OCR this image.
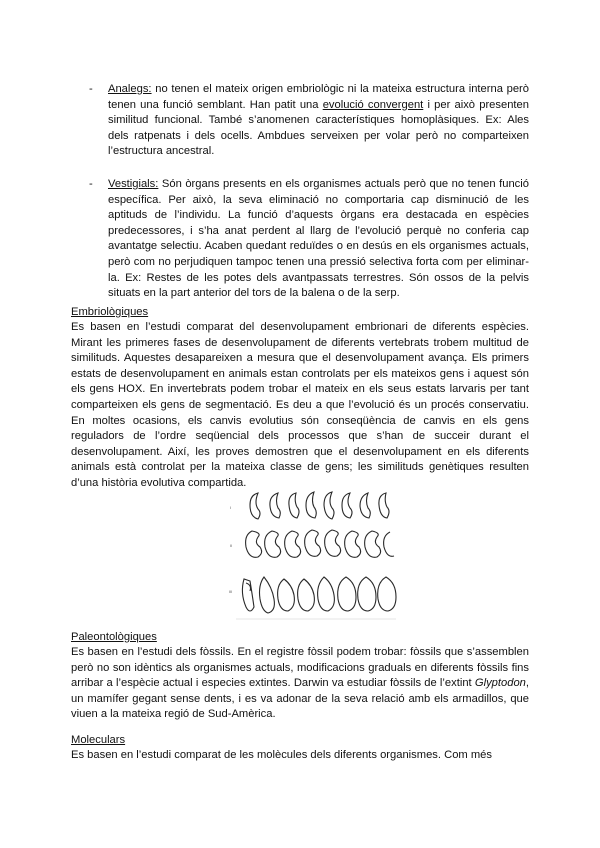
- Analegs: no tenen el mateix origen embriològic ni la mateixa estructura interna però tenen una funció semblant. Han patit una evolució convergent i per això presenten similitud funcional. També s’anomenen característiques homoplàsiques. Ex: Ales dels ratpenats i dels ocells. Ambdues serveixen per volar però no comparteixen l’estructura ancestral.
- Vestigials: Són òrgans presents en els organismes actuals però que no tenen funció específica. Per això, la seva eliminació no comportaria cap disminució de les aptituds de l’individu. La funció d’aquests òrgans era destacada en espècies predecessores, i s’ha anat perdent al llarg de l’evolució perquè no conferia cap avantatge selectiu. Acaben quedant reduïdes o en desús en els organismes actuals, però com no perjudiquen tampoc tenen una pressió selectiva forta com per eliminar-la. Ex: Restes de les potes dels avantpassats terrestres. Són ossos de la pelvis situats en la part anterior del tors de la balena o de la serp.
Embriològiques
Es basen en l’estudi comparat del desenvolupament embrionari de diferents espècies. Mirant les primeres fases de desenvolupament de diferents vertebrats trobem multitud de similituds. Aquestes desapareixen a mesura que el desenvolupament avança. Els primers estats de desenvolupament en animals estan controlats per els mateixos gens i aquest són els gens HOX. En invertebrats podem trobar el mateix en els seus estats larvaris per tant comparteixen els gens de segmentació. Es deu a que l’evolució és un procés conservatiu. En moltes ocasions, els canvis evolutius són conseqüència de canvis en els gens reguladors de l’ordre seqüencial dels processos que s’han de succeir durant el desenvolupament. Així, les proves demostren que el desenvolupament en els diferents animals està controlat per la mateixa classe de gens; les similituds genètiques resulten d’una història evolutiva compartida.
I
II
III
Paleontològiques
Es basen en l’estudi dels fòssils. En el registre fòssil podem trobar: fòssils que s’assemblen però no son idèntics als organismes actuals, modificacions graduals en diferents fòssils fins arribar a l’espècie actual i especies extintes. Darwin va estudiar fòssils de l’extint Glyptodon, un mamífer gegant sense dents, i es va adonar de la seva relació amb els armadillos, que viuen a la mateixa regió de Sud-Amèrica.
Moleculars
Es basen en l’estudi comparat de les molècules dels diferents organismes. Com més
